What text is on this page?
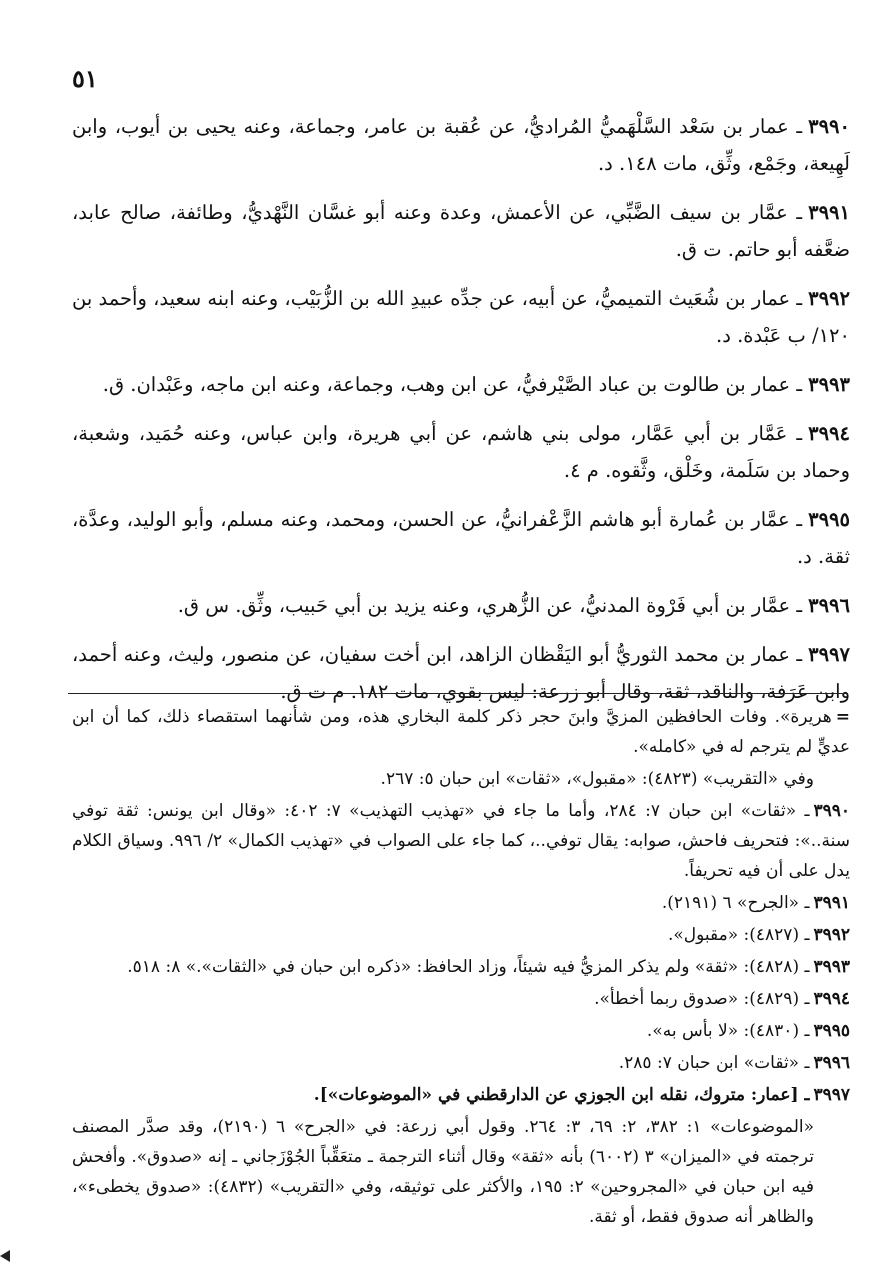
٥١

٣٩٩٠ـ عمار بن سَعْد السَّلْهَميُّ المُراديُّ، عن عُقبة بن عامر، وجماعة، وعنه يحيى بن أيوب، وابن لَهِيعة، وجَمْع، وثِّق، مات ١٤٨. د.

٣٩٩١ـ عمَّار بن سيف الضَّبِّي، عن الأعمش، وعدة وعنه أبو غسَّان النَّهْديُّ، وطائفة، صالح عابد، ضعَّفه أبو حاتم. ت ق.

٣٩٩٢ـ عمار بن شُعَيث التميميُّ، عن أبيه، عن جدِّه عبيدِ الله بن الزُّبَيْب، وعنه ابنه سعيد، وأحمد بن ١٢٠/ ب عَبْدة. د.

٣٩٩٣ـ عمار بن طالوت بن عباد الصَّيْرفيُّ، عن ابن وهب، وجماعة، وعنه ابن ماجه، وعَبْدان. ق.

٣٩٩٤ـ عَمَّار بن أبي عَمَّار، مولى بني هاشم، عن أبي هريرة، وابن عباس، وعنه حُمَيد، وشعبة، وحماد بن سَلَمة، وخَلْق، وثَّقوه. م ٤.

٣٩٩٥ـ عمَّار بن عُمارة أبو هاشم الزَّعْفرانيُّ، عن الحسن، ومحمد، وعنه مسلم، وأبو الوليد، وعدَّة، ثقة. د.

٣٩٩٦ـ عمَّار بن أبي فَرْوة المدنيُّ، عن الزُّهري، وعنه يزيد بن أبي حَبيب، وثِّق. س ق.

٣٩٩٧ـ عمار بن محمد الثوريُّ أبو اليَقْظان الزاهد، ابن أخت سفيان، عن منصور، وليث، وعنه أحمد، وابن عَرَفة، والناقد، ثقة، وقال أبو زرعة: ليس بقوي، مات ١٨٢. م ت ق.

=هريرة». وفات الحافظين المزيَّ وابنَ حجر ذكر كلمة البخاري هذه، ومن شأنهما استقصاء ذلك، كما أن ابن عديٍّ لم يترجم له في «كامله».

وفي «التقريب» (٤٨٢٣): «مقبول»، «ثقات» ابن حبان ٥: ٢٦٧.

٣٩٩٠ـ «ثقات» ابن حبان ٧: ٢٨٤، وأما ما جاء في «تهذيب التهذيب» ٧: ٤٠٢: «وقال ابن يونس: ثقة توفي سنة..»: فتحريف فاحش، صوابه: يقال توفي..، كما جاء على الصواب في «تهذيب الكمال» ٢/ ٩٩٦. وسياق الكلام يدل على أن فيه تحريفاً.

٣٩٩١ـ «الجرح» ٦ (٢١٩١).

٣٩٩٢ـ (٤٨٢٧): «مقبول».

٣٩٩٣ـ (٤٨٢٨): «ثقة» ولم يذكر المزيُّ فيه شيئاً، وزاد الحافظ: «ذكره ابن حبان في «الثقات».» ٨: ٥١٨.

٣٩٩٤ـ (٤٨٢٩): «صدوق ربما أخطأ».

٣٩٩٥ـ (٤٨٣٠): «لا بأس به».

٣٩٩٦ـ «ثقات» ابن حبان ٧: ٢٨٥.

٣٩٩٧ـ [عمار: متروك، نقله ابن الجوزي عن الدارقطني في «الموضوعات»].

«الموضوعات» ١: ٣٨٢، ٢: ٦٩، ٣: ٢٦٤. وقول أبي زرعة: في «الجرح» ٦ (٢١٩٠)، وقد صدَّر المصنف ترجمته في «الميزان» ٣ (٦٠٠٢) بأنه «ثقة» وقال أثناء الترجمة ـ متعَقِّباً الجُوْزَجاني ـ إنه «صدوق». وأفحش فيه ابن حبان في «المجروحين» ٢: ١٩٥، والأكثر على توثيقه، وفي «التقريب» (٤٨٣٢): «صدوق يخطىء»، والظاهر أنه صدوق فقط، أو ثقة.
